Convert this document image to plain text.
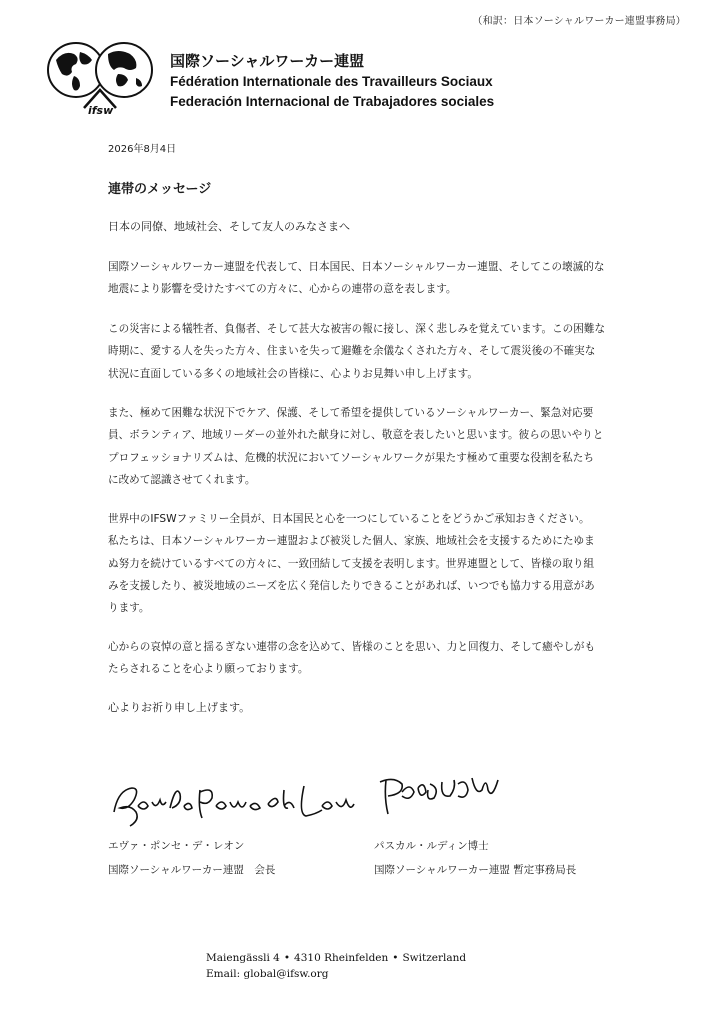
（和訳：日本ソーシャルワーカー連盟事務局）
ifsw
国際ソーシャルワーカー連盟
Fédération Internationale des Travailleurs Sociaux
Federación Internacional de Trabajadores sociales
2026年8月4日
連帯のメッセージ
日本の同僚、地域社会、そして友人のみなさまへ
国際ソーシャルワーカー連盟を代表して、日本国民、日本ソーシャルワーカー連盟、そしてこの壊滅的な
地震により影響を受けたすべての方々に、心からの連帯の意を表します。
この災害による犠牲者、負傷者、そして甚大な被害の報に接し、深く悲しみを覚えています。この困難な
時期に、愛する人を失った方々、住まいを失って避難を余儀なくされた方々、そして震災後の不確実な
状況に直面している多くの地域社会の皆様に、心よりお見舞い申し上げます。
また、極めて困難な状況下でケア、保護、そして希望を提供しているソーシャルワーカー、緊急対応要
員、ボランティア、地域リーダーの並外れた献身に対し、敬意を表したいと思います。彼らの思いやりと
プロフェッショナリズムは、危機的状況においてソーシャルワークが果たす極めて重要な役割を私たち
に改めて認識させてくれます。
世界中のIFSWファミリー全員が、日本国民と心を一つにしていることをどうかご承知おきください。
私たちは、日本ソーシャルワーカー連盟および被災した個人、家族、地域社会を支援するためにたゆま
ぬ努力を続けているすべての方々に、一致団結して支援を表明します。世界連盟として、皆様の取り組
みを支援したり、被災地域のニーズを広く発信したりできることがあれば、いつでも協力する用意があ
ります。
心からの哀悼の意と揺るぎない連帯の念を込めて、皆様のことを思い、力と回復力、そして癒やしがも
たらされることを心より願っております。
心よりお祈り申し上げます。
エヴァ・ポンセ・デ・レオン
国際ソーシャルワーカー連盟　会長
パスカル・ルディン博士
国際ソーシャルワーカー連盟 暫定事務局長
Maiengässli 4 • 4310 Rheinfelden • Switzerland
Email: global@ifsw.org
